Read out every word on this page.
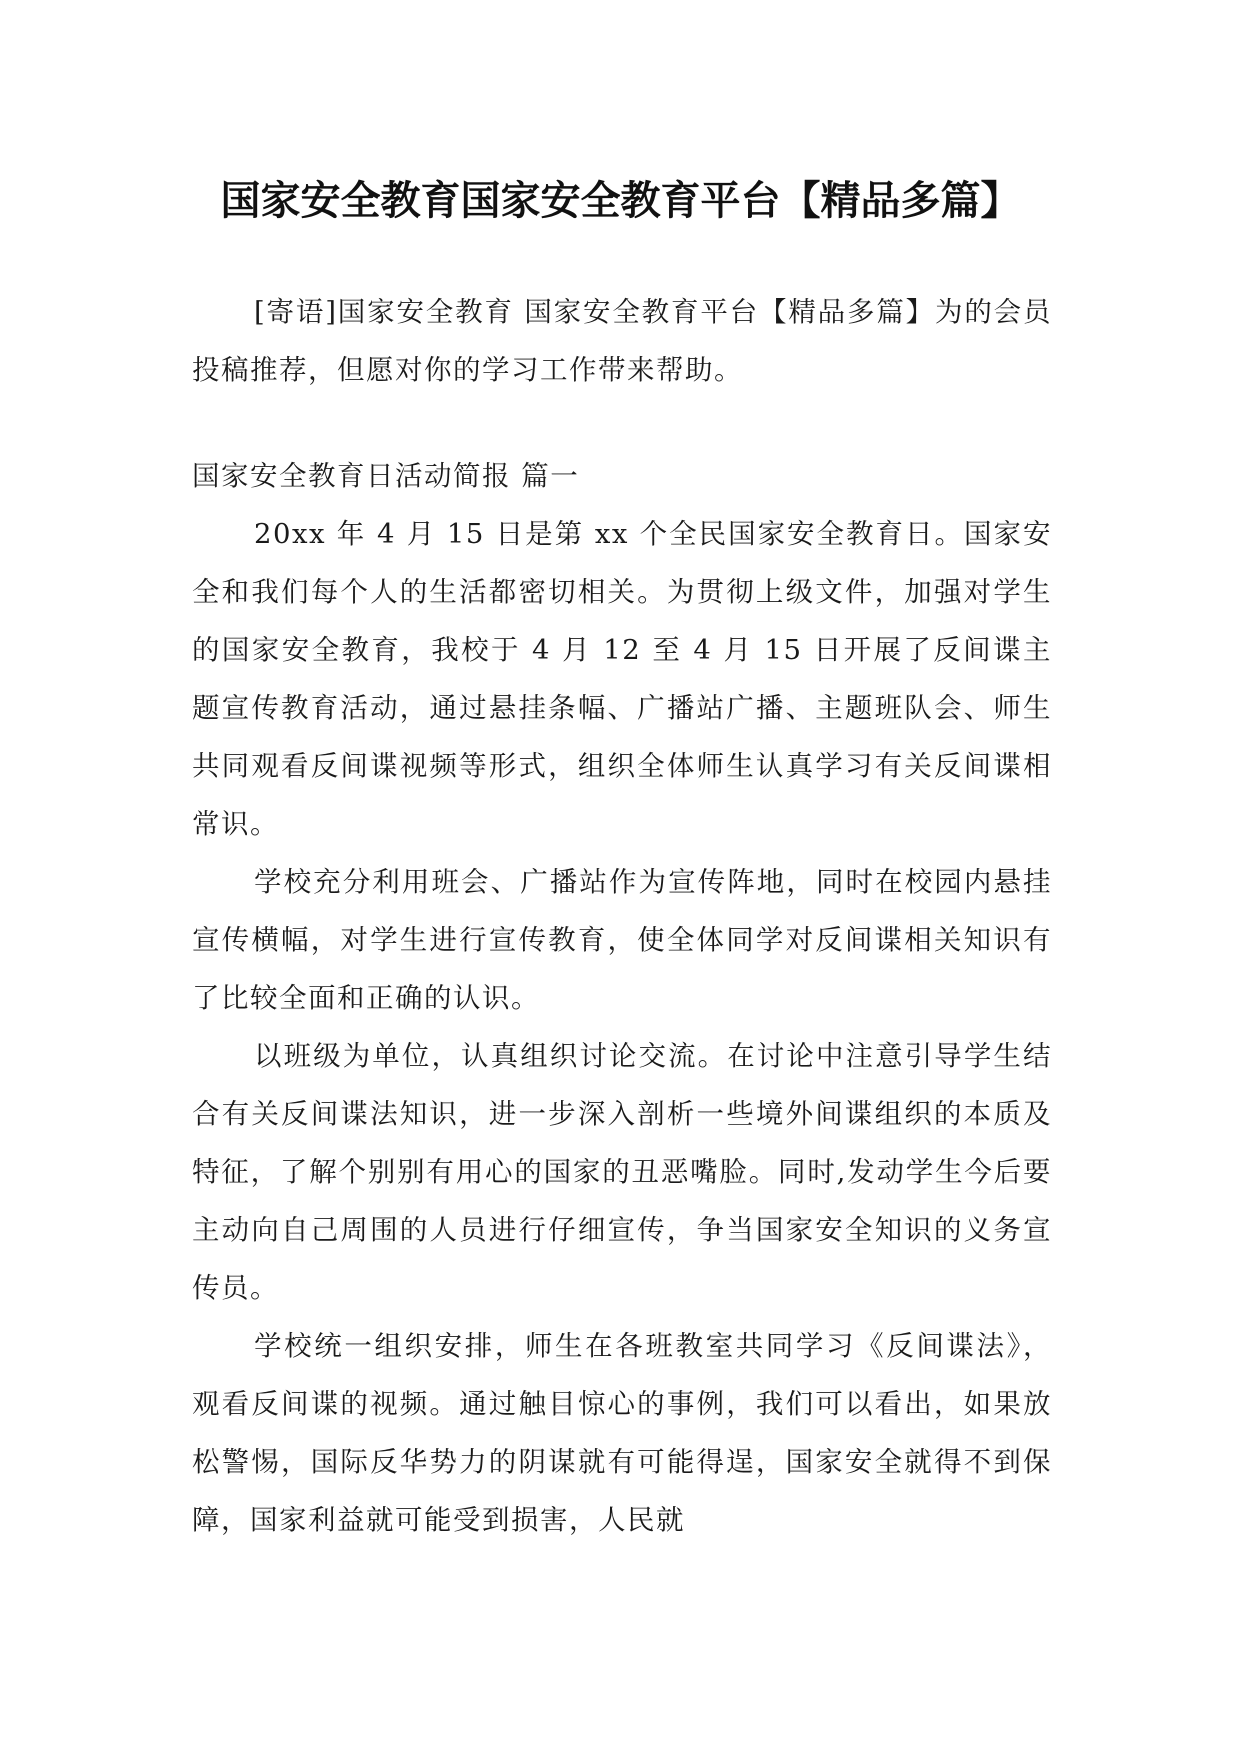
国家安全教育国家安全教育平台【精品多篇】

[寄语]国家安全教育 国家安全教育平台【精品多篇】为的会员投稿推荐，但愿对你的学习工作带来帮助。

国家安全教育日活动简报 篇一

20xx 年 4 月 15 日是第 xx 个全民国家安全教育日。国家安全和我们每个人的生活都密切相关。为贯彻上级文件，加强对学生的国家安全教育，我校于 4 月 12 至 4 月 15 日开展了反间谍主题宣传教育活动，通过悬挂条幅、广播站广播、主题班队会、师生共同观看反间谍视频等形式，组织全体师生认真学习有关反间谍相常识。

学校充分利用班会、广播站作为宣传阵地，同时在校园内悬挂宣传横幅，对学生进行宣传教育，使全体同学对反间谍相关知识有了比较全面和正确的认识。

以班级为单位，认真组织讨论交流。在讨论中注意引导学生结合有关反间谍法知识，进一步深入剖析一些境外间谍组织的本质及特征，了解个别别有用心的国家的丑恶嘴脸。同时,发动学生今后要主动向自己周围的人员进行仔细宣传，争当国家安全知识的义务宣传员。

学校统一组织安排，师生在各班教室共同学习《反间谍法》，观看反间谍的视频。通过触目惊心的事例，我们可以看出，如果放松警惕，国际反华势力的阴谋就有可能得逞，国家安全就得不到保障，国家利益就可能受到损害，人民就
